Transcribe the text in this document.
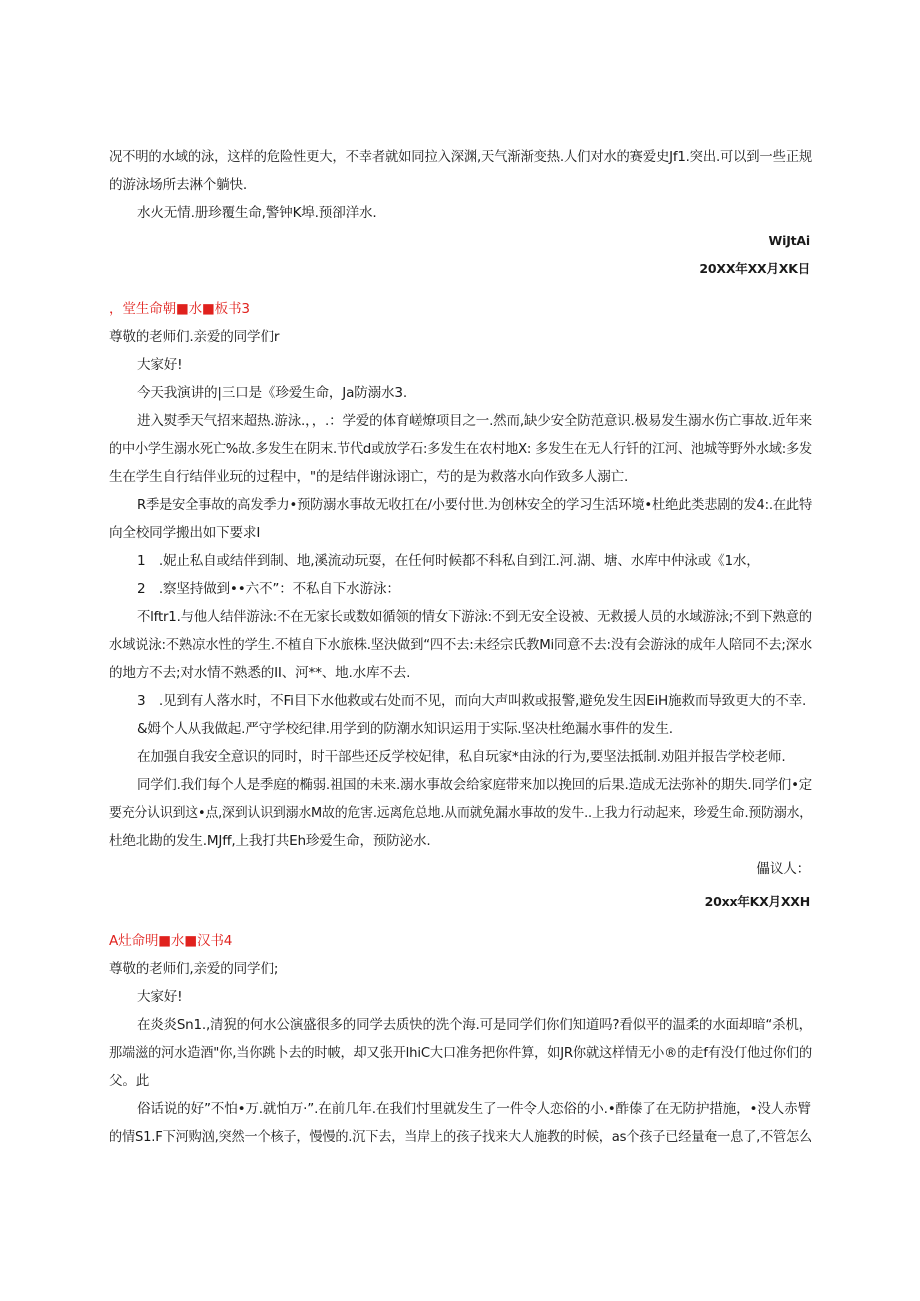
况不明的水域的泳，这样的危险性更大，不幸者就如同拉入深渊,天气渐渐变热.人们对水的赛爱史Jf1.突出.可以到一些正规

的游泳场所去淋个躺快.

水火无情.册珍覆生命,警钟K埠.预卻洋水.

WiJtAi

20XX年XX月XK日

，堂生命朝■水■板书3

尊敬的老师们.亲爱的同学们r

大家好!

今天我演讲的|三口是《珍爱生命，Ja防溺水3.

进入熨季天气招来超热.游泳.，，.：学爱的体育嵯燎项目之一.然而,缺少安全防范意识.极易发生溺水伤亡事故.近年来

的中小学生溺水死亡%故.多发生在阴末.节代d或放学石:多发生在农村地X: 多发生在无人行钎的江河、池城等野外水域:多发

生在学生自行结伴业玩的过程中，"的是结伴谢泳诩亡，芍的是为救落水向作致多人溺亡.

R季是安全事故的高发季力•预防溺水事故无收扛在/小要付世.为创林安全的学习生活环境•杜绝此类悲剧的发4:.在此特

向全校同学搬出如下要求I

1　.妮止私自或结伴到制、地,溪流动玩耍，在任何时候都不科私自到江.河.湖、塘、水库中仲泳或《1水，

2　.察坚持做到••六不”：不私自下水游泳：

不lftr1.与他人结伴游泳:不在无家长或数如循领的情女下游泳:不到无安全设被、无救援人员的水域游泳;不到下熟意的

水域说泳:不熟凉水性的学生.不植自下水旅株.坚決做到“四不去:未经宗氏教Mi同意不去:没有会游泳的成年人陪同不去;深水

的地方不去;对水情不熟悉的II、河**、地.水库不去.

3　.见到有人落水时，不Fi目下水他救或右处而不见，而向大声叫救或报警,避免发生因EiH施救而导致更大的不幸.

&姆个人从我做起.严守学校纪律.用学到的防潮水知识运用于实际.坚决杜绝漏水事件的发生.

在加强自我安全意识的同时，时干部些还反学校妃律，私自玩家*由泳的行为,要坚法抵制.劝阻并报告学校老师.

同学们.我们每个人是季庭的椭弱.祖国的未来.溺水事故会给家庭带来加以挽回的后果.造成无法弥补的期失.同学们•定

要充分认识到这•点,深到认识到溺水M故的危害.远离危总地.从而就免漏水事故的发牛..上我力行动起来，珍爱生命.预防溺水，

杜绝北勘的发生.MJff,上我打共Eh珍爱生命，预防泌水.

儡议人：

20xx年KX月XXH

A灶命明■水■汉书4

尊敬的老师们,亲爱的同学们;

大家好!

在炎炎Sn1.,清猊的何水公演盛很多的同学去质快的洗个海.可是同学们你们知道吗?看似平的温柔的水面却暗“杀机，

那端滋的河水造酒"你,当你跳卜去的时帔，却又张开lhiC大口准务把你件算，如JR你就这样情无小®的走f有没仃他过你们的

父。此

俗话说的好”不怕•万.就怕万·”.在前几年.在我们忖里就发生了一件令人恋俗的小.•酢傣了在无防护措施，•没人赤臂

的情S1.F下河购汹,突然一个核子，慢慢的.沉下去，当岸上的孩子找来大人施教的时候，as个孩子已经量奄一息了,不管怎么
